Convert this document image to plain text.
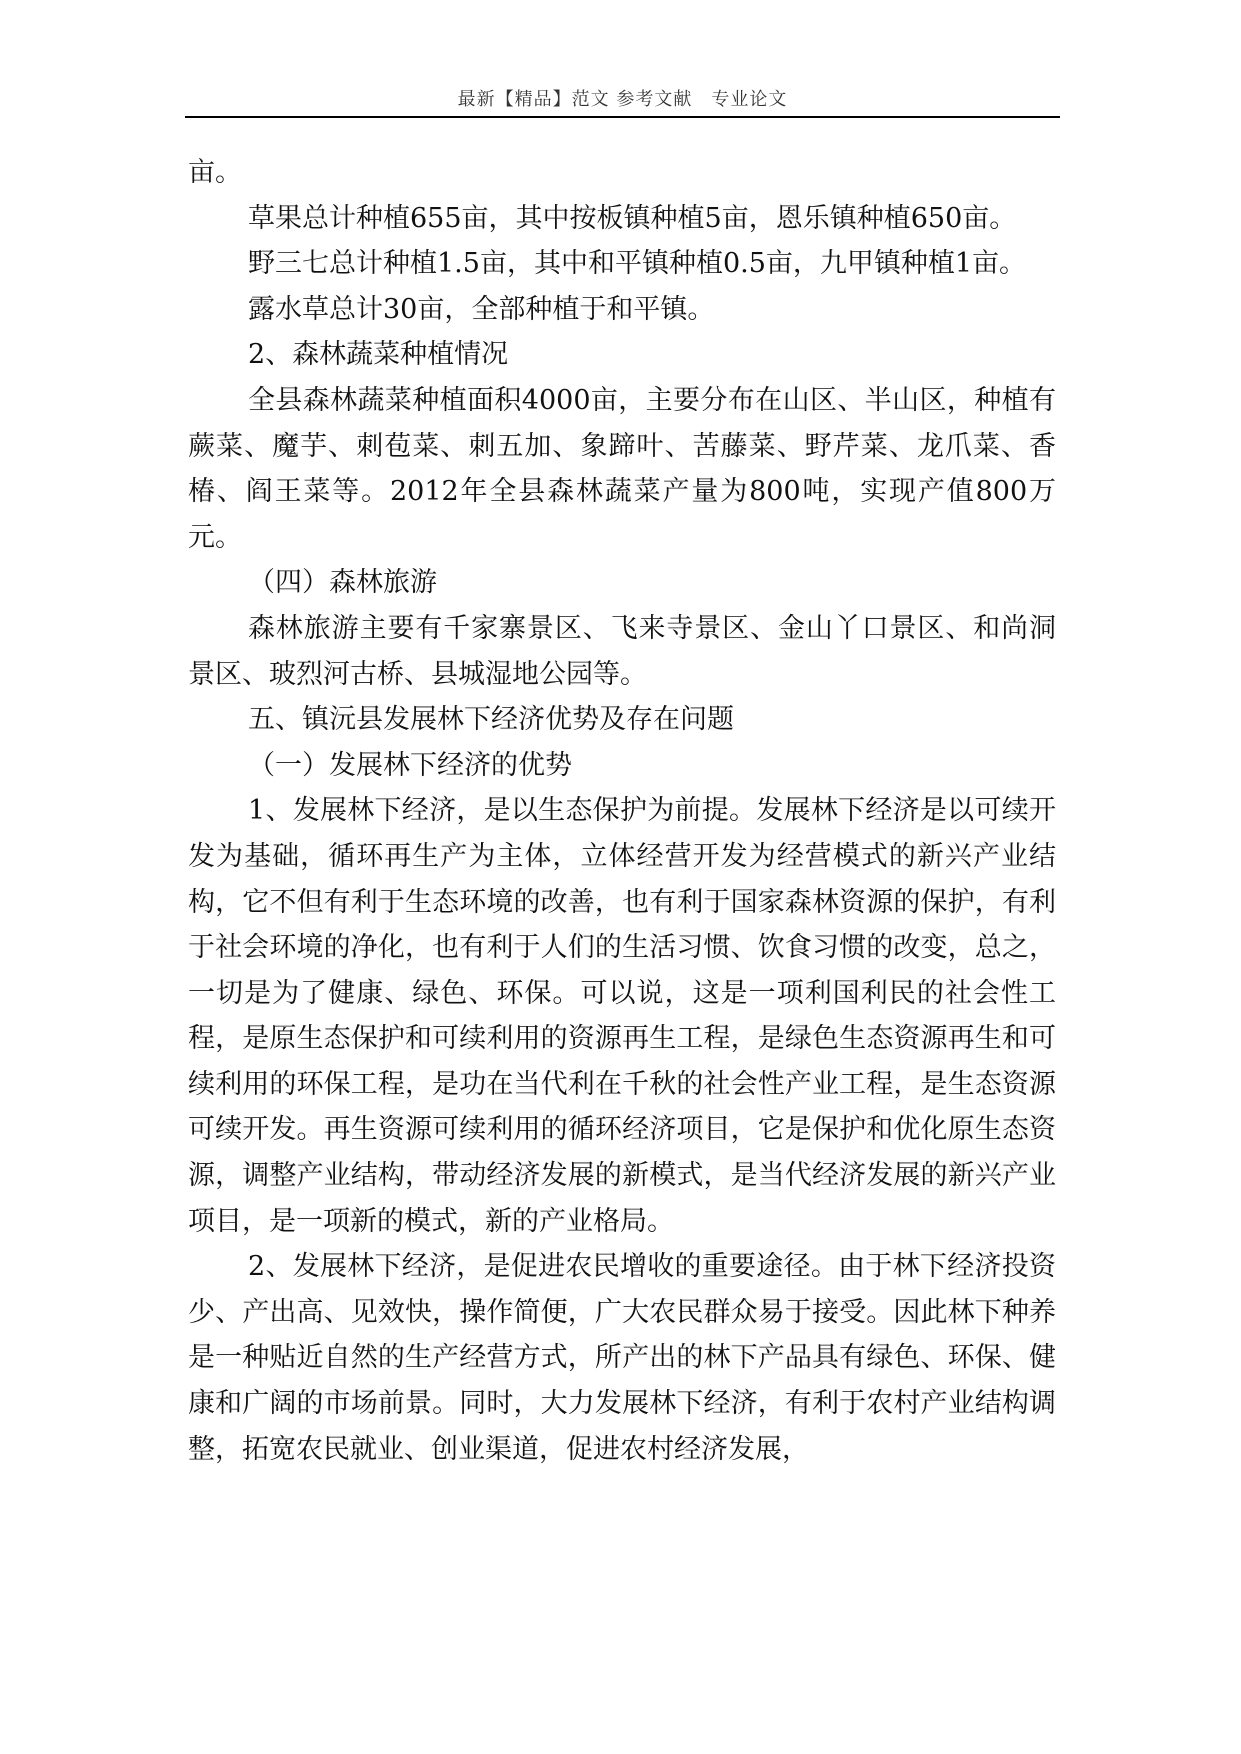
最新【精品】范文 参考文献　专业论文

亩。

草果总计种植655亩，其中按板镇种植5亩，恩乐镇种植650亩。

野三七总计种植1.5亩，其中和平镇种植0.5亩，九甲镇种植1亩。

露水草总计30亩，全部种植于和平镇。

2、森林蔬菜种植情况

全县森林蔬菜种植面积4000亩，主要分布在山区、半山区，种植有蕨菜、魔芋、刺苞菜、刺五加、象蹄叶、苦藤菜、野芹菜、龙爪菜、香椿、阎王菜等。2012年全县森林蔬菜产量为800吨，实现产值800万元。

（四）森林旅游

森林旅游主要有千家寨景区、飞来寺景区、金山丫口景区、和尚洞景区、玻烈河古桥、县城湿地公园等。

五、镇沅县发展林下经济优势及存在问题

（一）发展林下经济的优势

1、发展林下经济，是以生态保护为前提。发展林下经济是以可续开发为基础，循环再生产为主体，立体经营开发为经营模式的新兴产业结构，它不但有利于生态环境的改善，也有利于国家森林资源的保护，有利于社会环境的净化，也有利于人们的生活习惯、饮食习惯的改变，总之，一切是为了健康、绿色、环保。可以说，这是一项利国利民的社会性工程，是原生态保护和可续利用的资源再生工程，是绿色生态资源再生和可续利用的环保工程，是功在当代利在千秋的社会性产业工程，是生态资源可续开发。再生资源可续利用的循环经济项目，它是保护和优化原生态资源，调整产业结构，带动经济发展的新模式，是当代经济发展的新兴产业项目，是一项新的模式，新的产业格局。

2、发展林下经济，是促进农民增收的重要途径。由于林下经济投资少、产出高、见效快，操作简便，广大农民群众易于接受。因此林下种养是一种贴近自然的生产经营方式，所产出的林下产品具有绿色、环保、健康和广阔的市场前景。同时，大力发展林下经济，有利于农村产业结构调整，拓宽农民就业、创业渠道，促进农村经济发展，
